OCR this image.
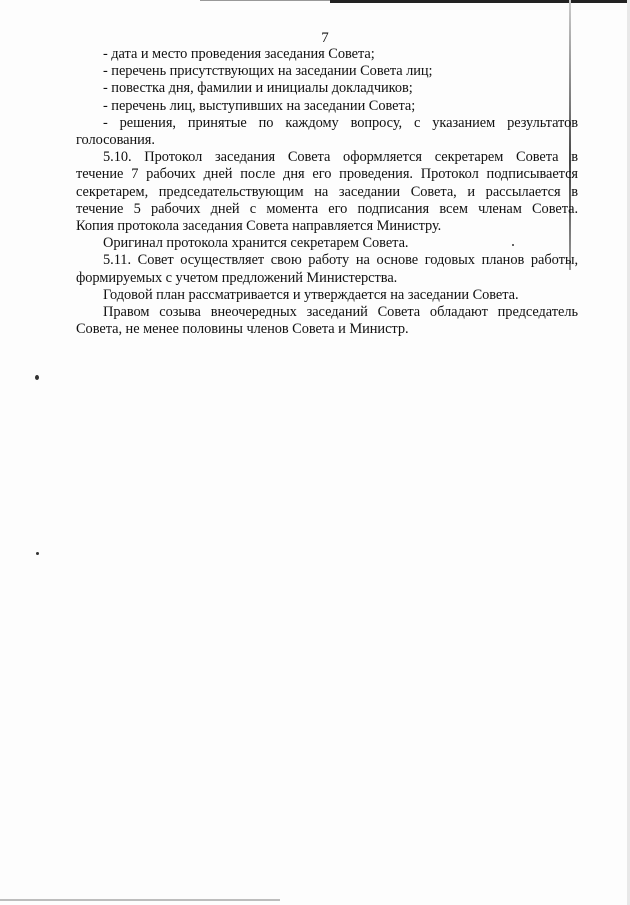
7
- дата и место проведения заседания Совета;
- перечень присутствующих на заседании Совета лиц;
- повестка дня, фамилии и инициалы докладчиков;
- перечень лиц, выступивших на заседании Совета;
- решения, принятые по каждому вопросу, с указанием результатов
голосования.
5.10. Протокол заседания Совета оформляется секретарем Совета в
течение 7 рабочих дней после дня его проведения. Протокол подписывается
секретарем, председательствующим на заседании Совета, и рассылается в
течение 5 рабочих дней с момента его подписания всем членам Совета.
Копия протокола заседания Совета направляется Министру.
Оригинал протокола хранится секретарем Совета.
5.11. Совет осуществляет свою работу на основе годовых планов работы,
формируемых с учетом предложений Министерства.
Годовой план рассматривается и утверждается на заседании Совета.
Правом созыва внеочередных заседаний Совета обладают председатель
Совета, не менее половины членов Совета и Министр.
